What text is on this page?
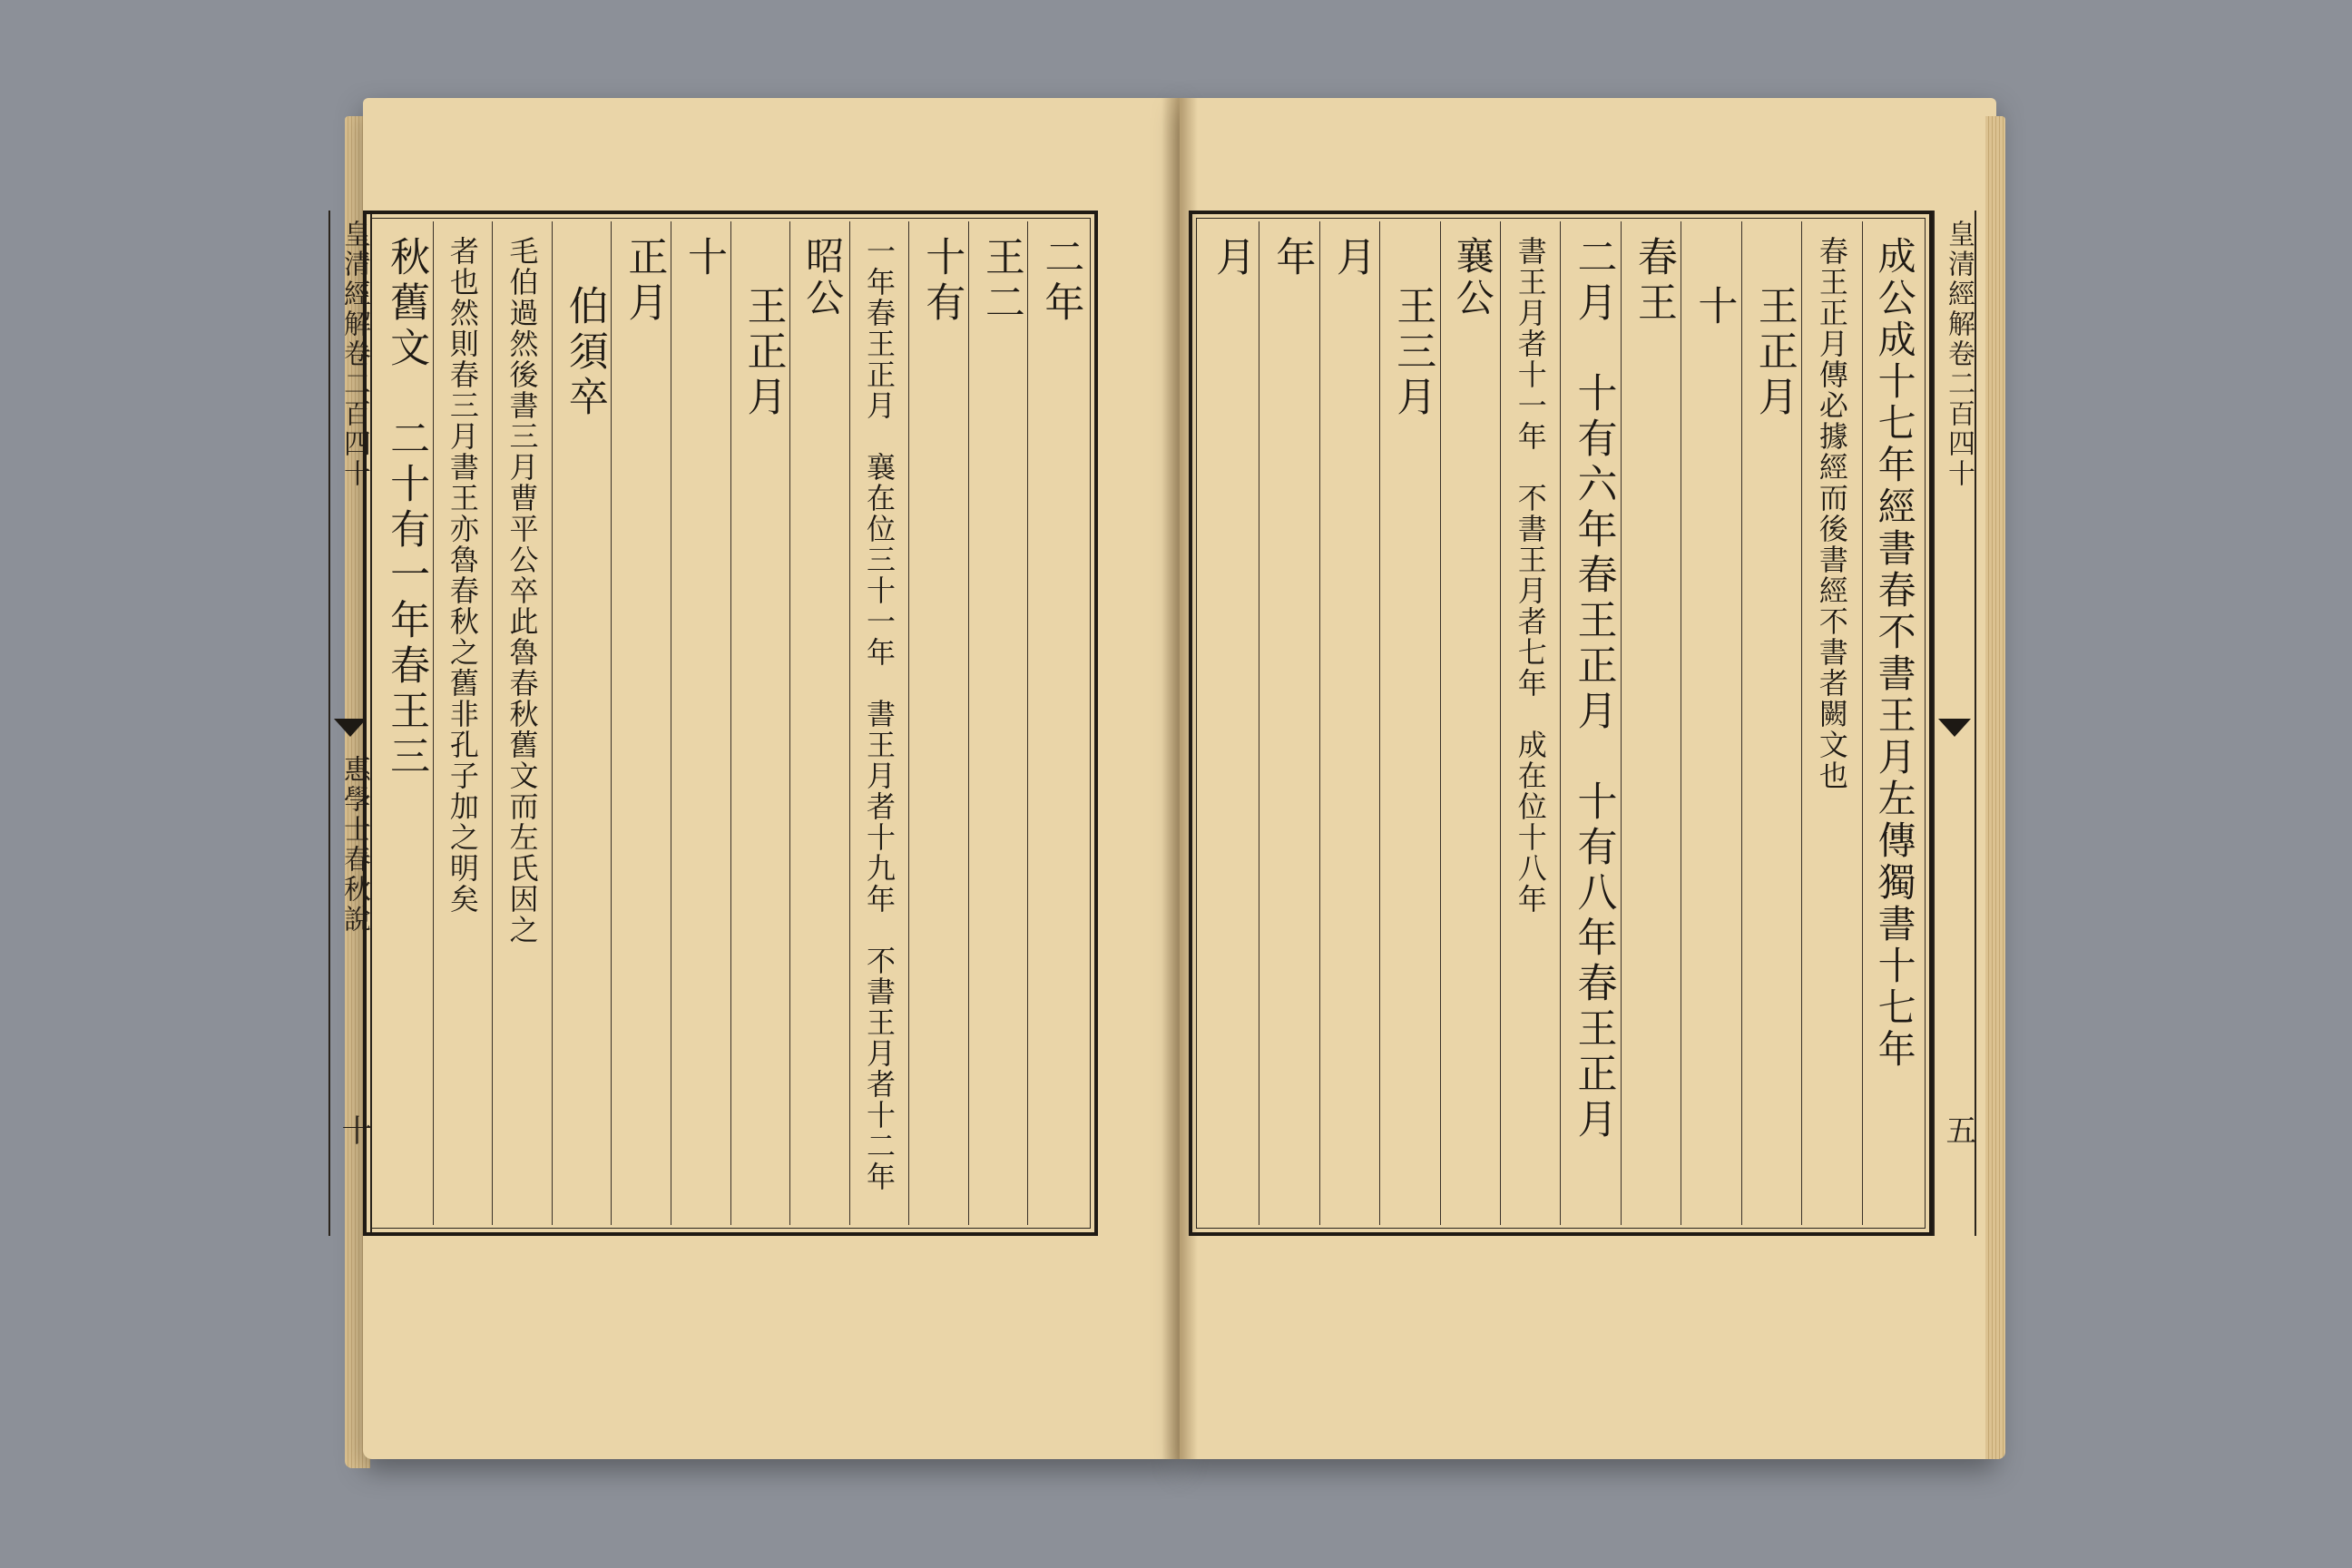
皇清經解卷二百四十
惠學士春秋說
十
　　二年
　　王二
　　　十有
一年春王正月　襄在位三十一年　書王月者十九年　不書王月者十二年
昭公
　　王正月
　　　十
　　正月
　伯須卒
毛伯過然後書三月曹平公卒此魯春秋舊文而左氏因之
者也然則春三月書王亦魯春秋之舊非孔子加之明矣
　秋舊文　二十有一年春王三	成公成十七年經書春不書王月左傳獨書十七年
春王正月傳必據經而後書經不書者闕文也
　　王正月
　　　十
　　春王
二月　十有六年春王正月　十有八年春王正月
書王月者十一年　不書王月者七年　成在位十八年
襄公
　　王三月
　　月
　　年
　　月	皇清經解卷二百四十
五
